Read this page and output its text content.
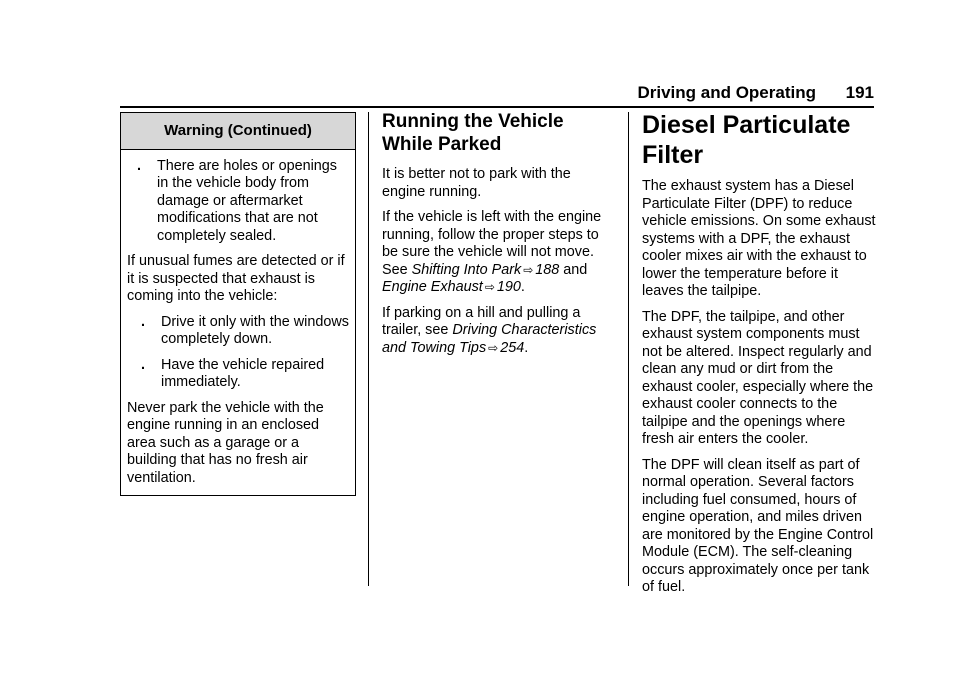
Driving and Operating 191
Warning (Continued)
.	There are holes or openings in the vehicle body from damage or aftermarket modifications that are not completely sealed.

If unusual fumes are detected or if it is suspected that exhaust is coming into the vehicle:

.	Drive it only with the windows completely down.
.	Have the vehicle repaired immediately.

Never park the vehicle with the engine running in an enclosed area such as a garage or a building that has no fresh air ventilation.

Running the Vehicle While Parked

It is better not to park with the engine running.

If the vehicle is left with the engine running, follow the proper steps to be sure the vehicle will not move. See Shifting Into Park ⇨ 188 and Engine Exhaust ⇨ 190.

If parking on a hill and pulling a trailer, see Driving Characteristics and Towing Tips ⇨ 254.

Diesel Particulate Filter

The exhaust system has a Diesel Particulate Filter (DPF) to reduce vehicle emissions. On some exhaust systems with a DPF, the exhaust cooler mixes air with the exhaust to lower the temperature before it leaves the tailpipe.

The DPF, the tailpipe, and other exhaust system components must not be altered. Inspect regularly and clean any mud or dirt from the exhaust cooler, especially where the exhaust cooler connects to the tailpipe and the openings where fresh air enters the cooler.

The DPF will clean itself as part of normal operation. Several factors including fuel consumed, hours of engine operation, and miles driven are monitored by the Engine Control Module (ECM). The self-cleaning occurs approximately once per tank of fuel.
